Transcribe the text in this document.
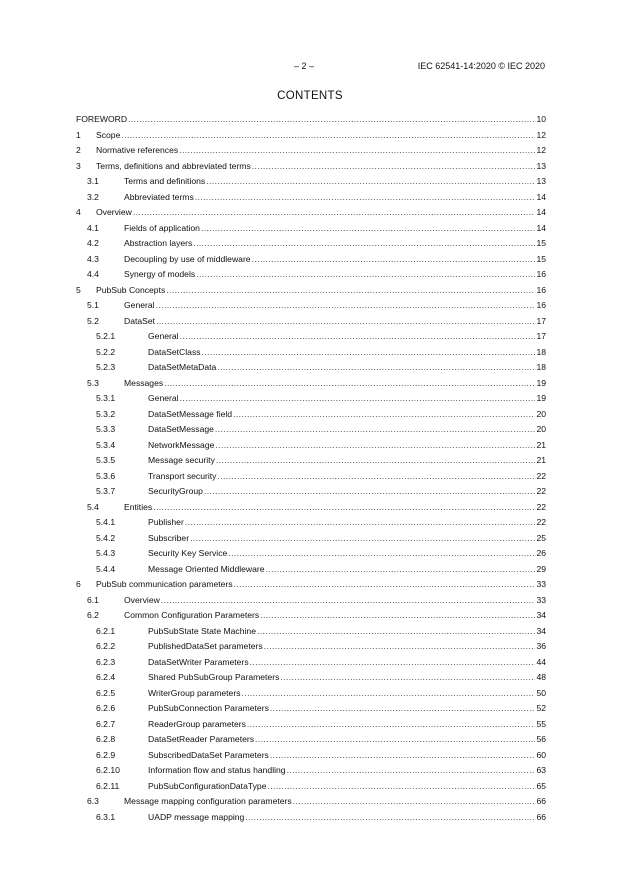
– 2 –	IEC 62541-14:2020 © IEC 2020
CONTENTS
FOREWORD .....	10
1	Scope .....	12
2	Normative references .....	12
3	Terms, definitions and abbreviated terms .....	13
3.1	Terms and definitions .....	13
3.2	Abbreviated terms .....	14
4	Overview .....	14
4.1	Fields of application .....	14
4.2	Abstraction layers .....	15
4.3	Decoupling by use of middleware .....	15
4.4	Synergy of models .....	16
5	PubSub Concepts .....	16
5.1	General .....	16
5.2	DataSet .....	17
5.2.1	General .....	17
5.2.2	DataSetClass .....	18
5.2.3	DataSetMetaData .....	18
5.3	Messages .....	19
5.3.1	General .....	19
5.3.2	DataSetMessage field .....	20
5.3.3	DataSetMessage .....	20
5.3.4	NetworkMessage .....	21
5.3.5	Message security .....	21
5.3.6	Transport security .....	22
5.3.7	SecurityGroup .....	22
5.4	Entities .....	22
5.4.1	Publisher .....	22
5.4.2	Subscriber .....	25
5.4.3	Security Key Service .....	26
5.4.4	Message Oriented Middleware .....	29
6	PubSub communication parameters .....	33
6.1	Overview .....	33
6.2	Common Configuration Parameters .....	34
6.2.1	PubSubState State Machine .....	34
6.2.2	PublishedDataSet parameters .....	36
6.2.3	DataSetWriter Parameters .....	44
6.2.4	Shared PubSubGroup Parameters .....	48
6.2.5	WriterGroup parameters .....	50
6.2.6	PubSubConnection Parameters .....	52
6.2.7	ReaderGroup parameters .....	55
6.2.8	DataSetReader Parameters .....	56
6.2.9	SubscribedDataSet Parameters .....	60
6.2.10	Information flow and status handling .....	63
6.2.11	PubSubConfigurationDataType .....	65
6.3	Message mapping configuration parameters .....	66
6.3.1	UADP message mapping .....	66
